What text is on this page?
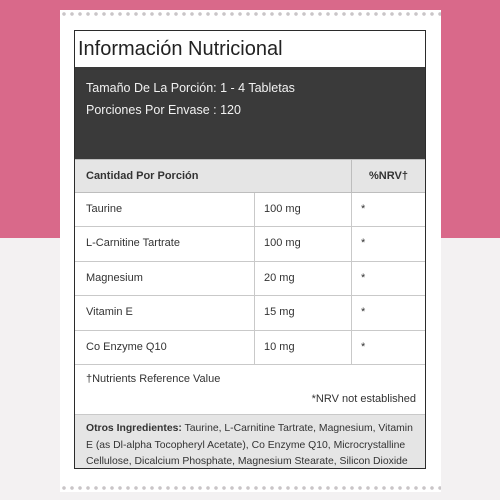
Información Nutricional
Tamaño De La Porción: 1 - 4 Tabletas
Porciones Por Envase : 120
Cantidad Por Porción	%NRV†
Taurine	100 mg	*
L-Carnitine Tartrate	100 mg	*
Magnesium	20 mg	*
Vitamin E	15 mg	*
Co Enzyme Q10	10 mg	*
†Nutrients Reference Value
*NRV not established
Otros Ingredientes: Taurine, L-Carnitine Tartrate, Magnesium, Vitamin E (as Dl-alpha Tocopheryl Acetate), Co Enzyme Q10, Microcrystalline Cellulose, Dicalcium Phosphate, Magnesium Stearate, Silicon Dioxide
